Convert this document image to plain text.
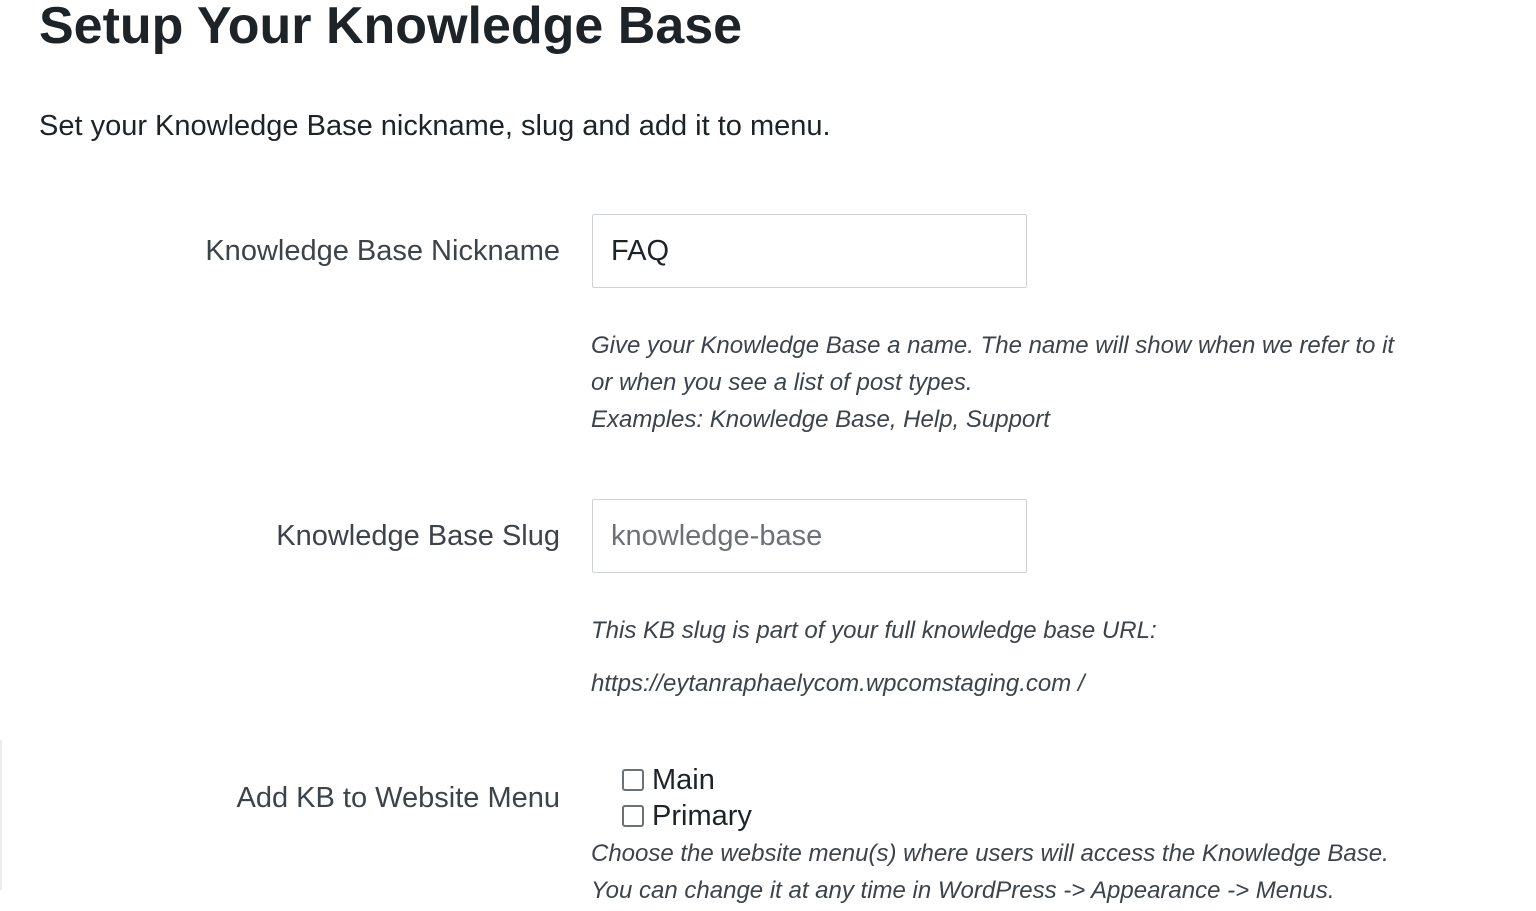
Setup Your Knowledge Base

Set your Knowledge Base nickname, slug and add it to menu.

Knowledge Base Nickname
FAQ

Give your Knowledge Base a name. The name will show when we refer to it

or when you see a list of post types.

Examples: Knowledge Base, Help, Support

Knowledge Base Slug
knowledge-base

This KB slug is part of your full knowledge base URL:

https://eytanraphaelycom.wpcomstaging.com /

Add KB to Website Menu
Main
Primary

Choose the website menu(s) where users will access the Knowledge Base.

You can change it at any time in WordPress -> Appearance -> Menus.
